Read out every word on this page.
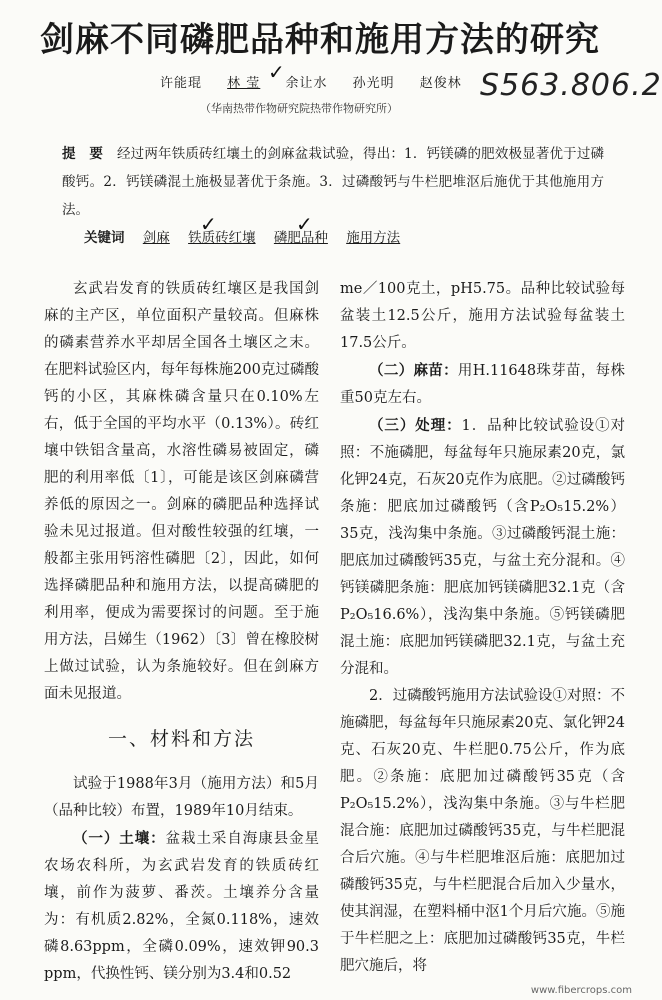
剑麻不同磷肥品种和施用方法的研究
许能琨 林 莹 余让水 孙光明 赵俊林
✓	S563.806.2
（华南热带作物研究院热带作物研究所）
提　要 经过两年铁质砖红壤土的剑麻盆栽试验，得出：1．钙镁磷的肥效极显著优于过磷酸钙。2．钙镁磷混土施极显著优于条施。3．过磷酸钙与牛栏肥堆沤后施优于其他施用方法。
关键词 剑麻 铁质砖红壤 磷肥品种 施用方法
✓	✓

玄武岩发育的铁质砖红壤区是我国剑麻的主产区，单位面积产量较高。但麻株的磷素营养水平却居全国各土壤区之末。在肥料试验区内，每年每株施200克过磷酸钙的小区，其麻株磷含量只在0.10%左右，低于全国的平均水平（0.13%）。砖红壤中铁铝含量高，水溶性磷易被固定，磷肥的利用率低〔1〕，可能是该区剑麻磷营养低的原因之一。剑麻的磷肥品种选择试验未见过报道。但对酸性较强的红壤，一般都主张用钙溶性磷肥〔2〕，因此，如何选择磷肥品种和施用方法，以提高磷肥的利用率，便成为需要探讨的问题。至于施用方法，吕娣生（1962）〔3〕曾在橡胶树上做过试验，认为条施较好。但在剑麻方面未见报道。

一、材料和方法

试验于1988年3月（施用方法）和5月（品种比较）布置，1989年10月结束。

（一）土壤：盆栽土采自海康县金星农场农科所，为玄武岩发育的铁质砖红壤，前作为菠萝、番茨。土壤养分含量为：有机质2.82%，全氮0.118%，速效磷8.63ppm，全磷0.09%，速效钾90.3 ppm，代换性钙、镁分别为3.4和0.52

me／100克土，pH5.75。品种比较试验每盆装土12.5公斤，施用方法试验每盆装土17.5公斤。

（二）麻苗：用H.11648珠芽苗，每株重50克左右。

（三）处理：1．品种比较试验设①对照：不施磷肥，每盆每年只施尿素20克，氯化钾24克，石灰20克作为底肥。②过磷酸钙条施：肥底加过磷酸钙（含P₂O₅15.2%）35克，浅沟集中条施。③过磷酸钙混土施：肥底加过磷酸钙35克，与盆土充分混和。④钙镁磷肥条施：肥底加钙镁磷肥32.1克（含P₂O₅16.6%），浅沟集中条施。⑤钙镁磷肥混土施：底肥加钙镁磷肥32.1克，与盆土充分混和。

2．过磷酸钙施用方法试验设①对照：不施磷肥，每盆每年只施尿素20克、氯化钾24克、石灰20克、牛栏肥0.75公斤，作为底肥。②条施：底肥加过磷酸钙35克（含P₂O₅15.2%），浅沟集中条施。③与牛栏肥混合施：底肥加过磷酸钙35克，与牛栏肥混合后穴施。④与牛栏肥堆沤后施：底肥加过磷酸钙35克，与牛栏肥混合后加入少量水，使其润湿，在塑料桶中沤1个月后穴施。⑤施于牛栏肥之上：底肥加过磷酸钙35克，牛栏肥穴施后，将

www.fibercrops.com
